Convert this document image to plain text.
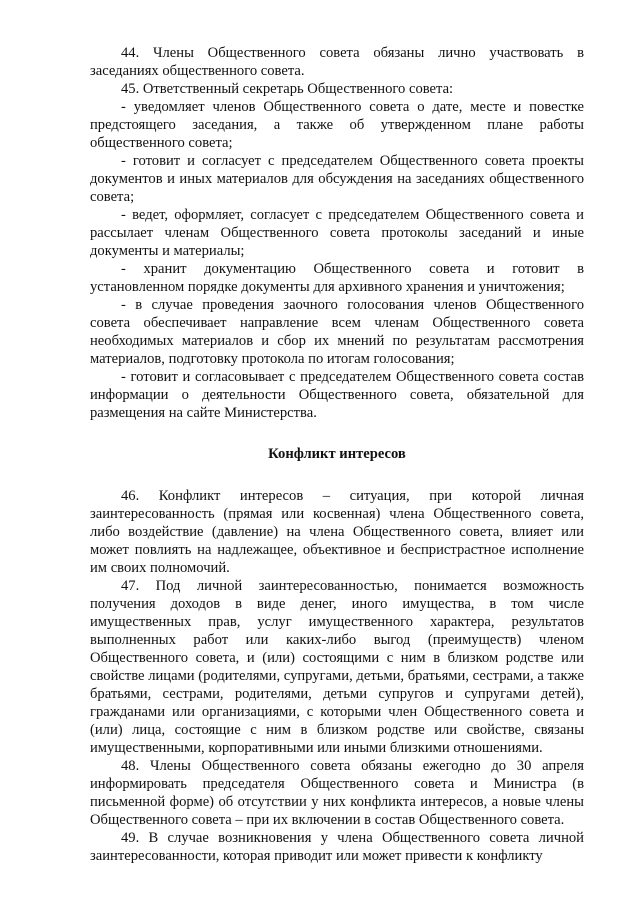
44. Члены Общественного совета обязаны лично участвовать в заседаниях общественного совета.

45. Ответственный секретарь Общественного совета:

- уведомляет членов Общественного совета о дате, месте и повестке предстоящего заседания, а также об утвержденном плане работы общественного совета;

- готовит и согласует с председателем Общественного совета проекты документов и иных материалов для обсуждения на заседаниях общественного совета;

- ведет, оформляет, согласует с председателем Общественного совета и рассылает членам Общественного совета протоколы заседаний и иные документы и материалы;

- хранит документацию Общественного совета и готовит в установленном порядке документы для архивного хранения и уничтожения;

- в случае проведения заочного голосования членов Общественного совета обеспечивает направление всем членам Общественного совета необходимых материалов и сбор их мнений по результатам рассмотрения материалов, подготовку протокола по итогам голосования;

- готовит и согласовывает с председателем Общественного совета состав информации о деятельности Общественного совета, обязательной для размещения на сайте Министерства.

Конфликт интересов

46. Конфликт интересов – ситуация, при которой личная заинтересованность (прямая или косвенная) члена Общественного совета, либо воздействие (давление) на члена Общественного совета, влияет или может повлиять на надлежащее, объективное и беспристрастное исполнение им своих полномочий.

47. Под личной заинтересованностью, понимается возможность получения доходов в виде денег, иного имущества, в том числе имущественных прав, услуг имущественного характера, результатов выполненных работ или каких-либо выгод (преимуществ) членом Общественного совета, и (или) состоящими с ним в близком родстве или свойстве лицами (родителями, супругами, детьми, братьями, сестрами, а также братьями, сестрами, родителями, детьми супругов и супругами детей), гражданами или организациями, с которыми член Общественного совета и (или) лица, состоящие с ним в близком родстве или свойстве, связаны имущественными, корпоративными или иными близкими отношениями.

48. Члены Общественного совета обязаны ежегодно до 30 апреля информировать председателя Общественного совета и Министра (в письменной форме) об отсутствии у них конфликта интересов, а новые члены Общественного совета – при их включении в состав Общественного совета.

49. В случае возникновения у члена Общественного совета личной заинтересованности, которая приводит или может привести к конфликту
